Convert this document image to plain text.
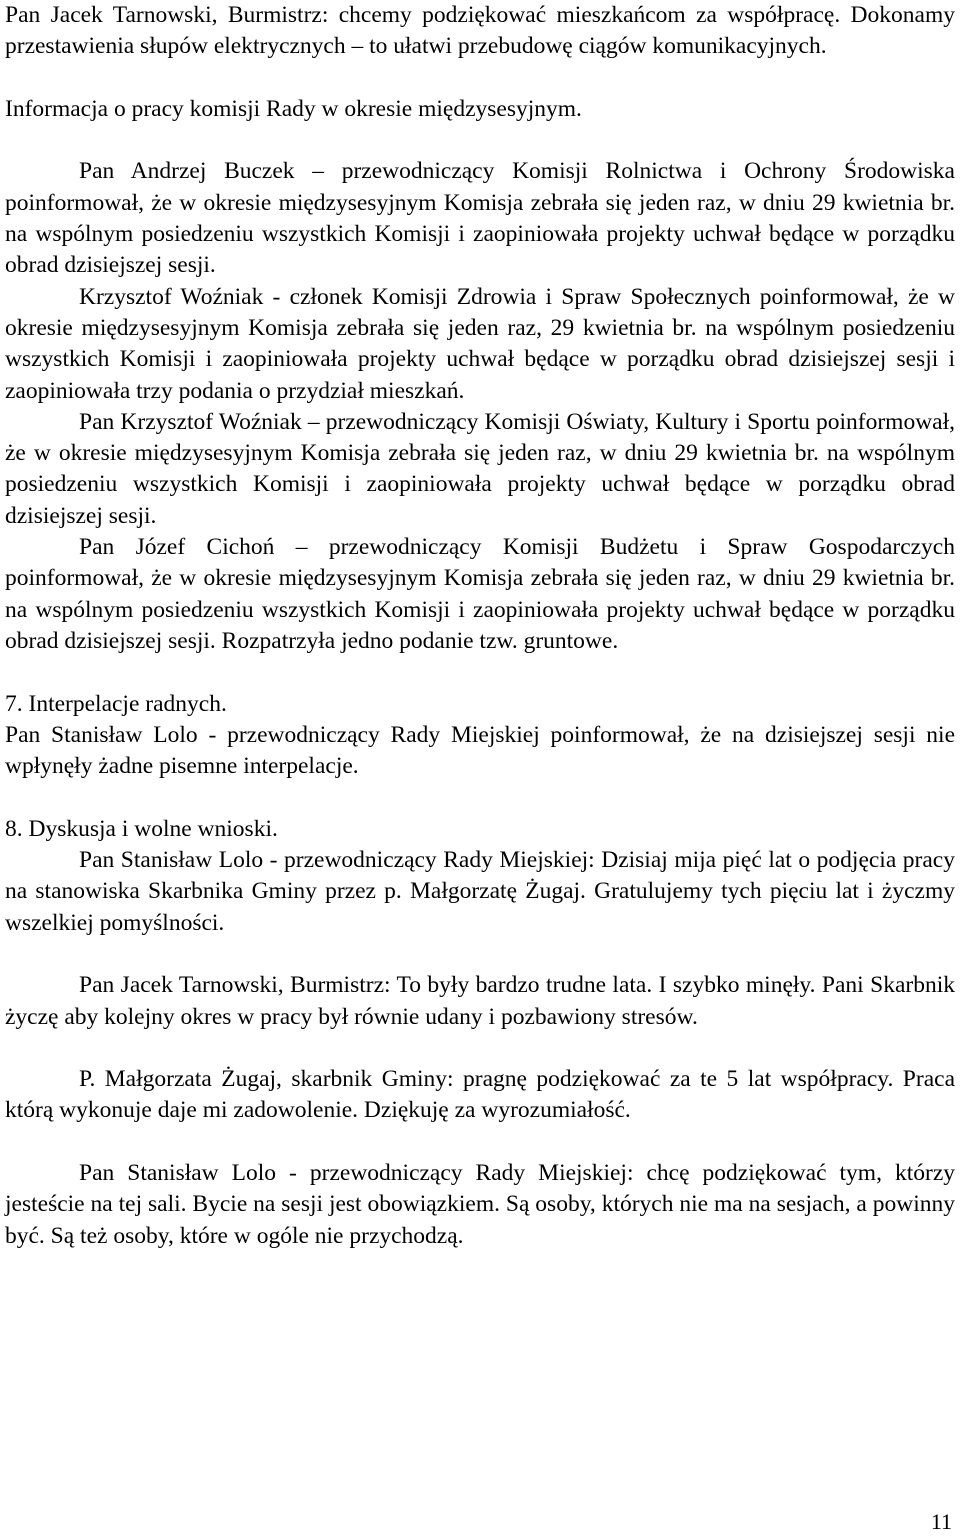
Pan Jacek Tarnowski, Burmistrz: chcemy podziękować mieszkańcom za współpracę. Dokonamy przestawienia słupów elektrycznych – to ułatwi przebudowę ciągów komunikacyjnych.

Informacja o pracy komisji Rady w okresie międzysesyjnym.

Pan Andrzej Buczek – przewodniczący Komisji Rolnictwa i Ochrony Środowiska poinformował, że w okresie międzysesyjnym Komisja zebrała się jeden raz, w dniu 29 kwietnia br. na wspólnym posiedzeniu wszystkich Komisji i zaopiniowała projekty uchwał będące w porządku obrad dzisiejszej sesji.

Krzysztof Woźniak - członek Komisji Zdrowia i Spraw Społecznych poinformował, że w okresie międzysesyjnym Komisja zebrała się jeden raz, 29 kwietnia br. na wspólnym posiedzeniu wszystkich Komisji i zaopiniowała projekty uchwał będące w porządku obrad dzisiejszej sesji i zaopiniowała trzy podania o przydział mieszkań.

Pan Krzysztof Woźniak – przewodniczący Komisji Oświaty, Kultury i Sportu poinformował, że w okresie międzysesyjnym Komisja zebrała się jeden raz, w dniu 29 kwietnia br. na wspólnym posiedzeniu wszystkich Komisji i zaopiniowała projekty uchwał będące w porządku obrad dzisiejszej sesji.

Pan Józef Cichoń – przewodniczący Komisji Budżetu i Spraw Gospodarczych poinformował, że w okresie międzysesyjnym Komisja zebrała się jeden raz, w dniu 29 kwietnia br. na wspólnym posiedzeniu wszystkich Komisji i zaopiniowała projekty uchwał będące w porządku obrad dzisiejszej sesji. Rozpatrzyła jedno podanie tzw. gruntowe.

7. Interpelacje radnych.

Pan Stanisław Lolo - przewodniczący Rady Miejskiej poinformował, że na dzisiejszej sesji nie wpłynęły żadne pisemne interpelacje.

8. Dyskusja i wolne wnioski.

Pan Stanisław Lolo - przewodniczący Rady Miejskiej: Dzisiaj mija pięć lat o podjęcia pracy na stanowiska Skarbnika Gminy przez p. Małgorzatę Żugaj. Gratulujemy tych pięciu lat i życzmy wszelkiej pomyślności.

Pan Jacek Tarnowski, Burmistrz: To były bardzo trudne lata. I szybko minęły. Pani Skarbnik życzę aby kolejny okres w pracy był równie udany i pozbawiony stresów.

P. Małgorzata Żugaj, skarbnik Gminy: pragnę podziękować za te 5 lat współpracy. Praca którą wykonuje daje mi zadowolenie. Dziękuję za wyrozumiałość.

Pan Stanisław Lolo - przewodniczący Rady Miejskiej: chcę podziękować tym, którzy jesteście na tej sali. Bycie na sesji jest obowiązkiem. Są osoby, których nie ma na sesjach, a powinny być. Są też osoby, które w ogóle nie przychodzą.

11
